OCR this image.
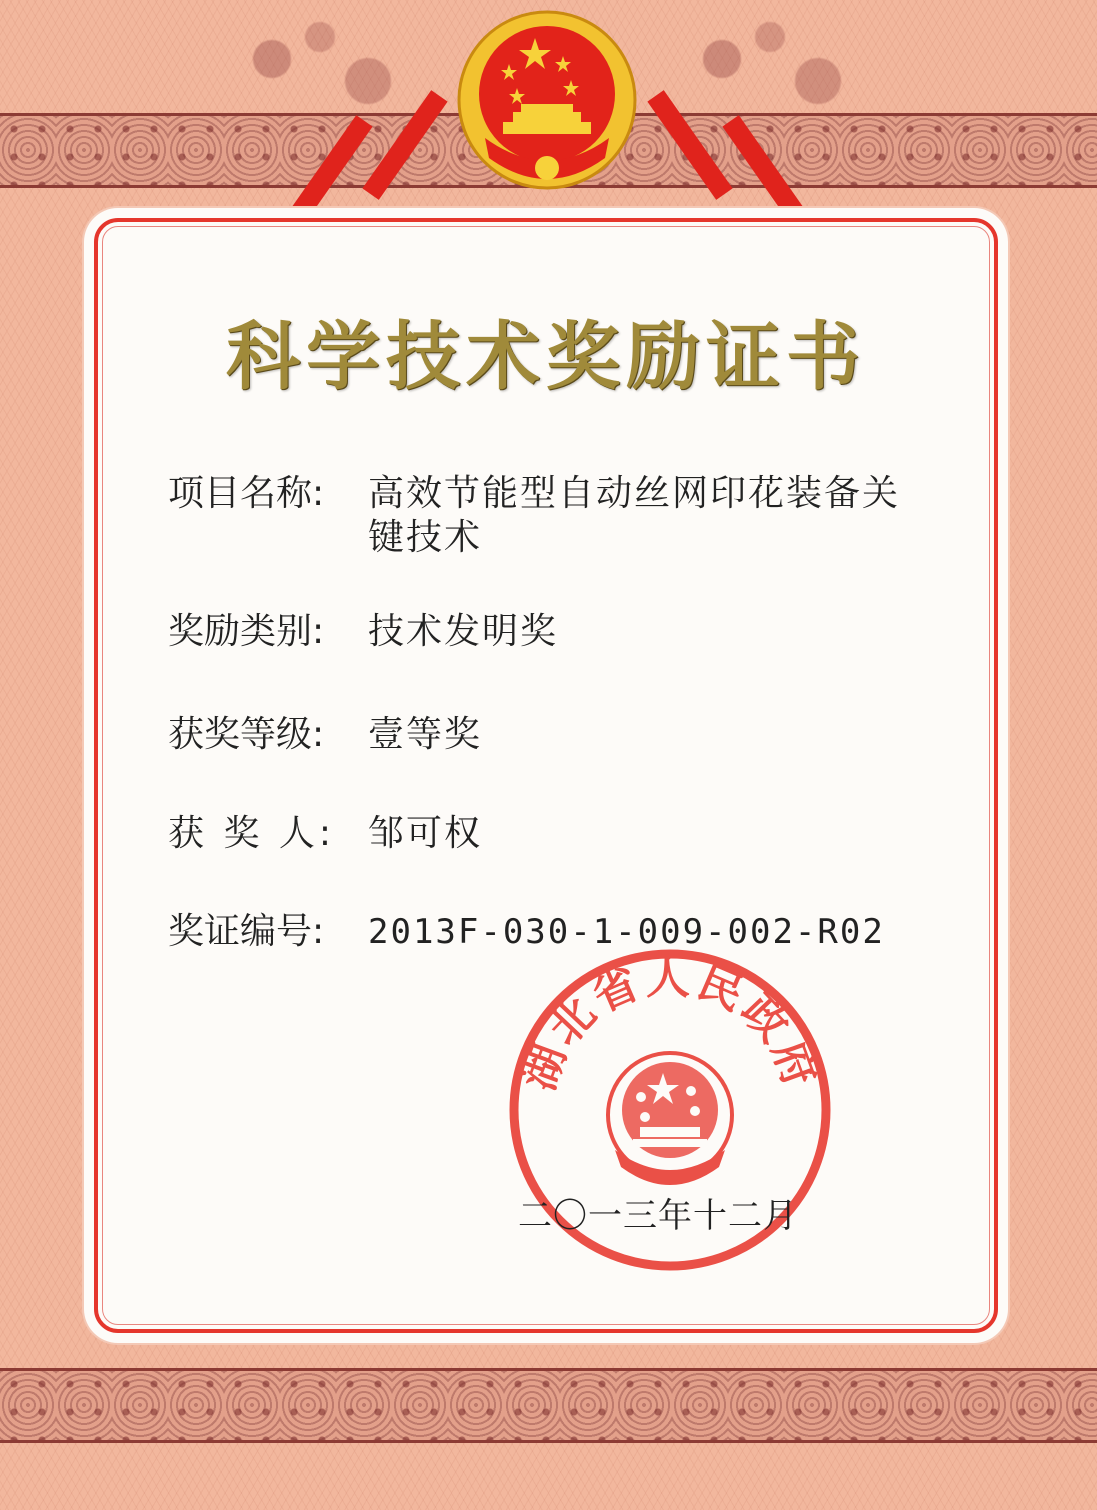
科学技术奖励证书
项目名称:	高效节能型自动丝网印花装备关键技术
奖励类别:	技术发明奖
获奖等级:	壹等奖
获 奖 人: 邹可权
奖证编号:	2013F-030-1-009-002-R02
湖北省人民政府
二〇一三年十二月
